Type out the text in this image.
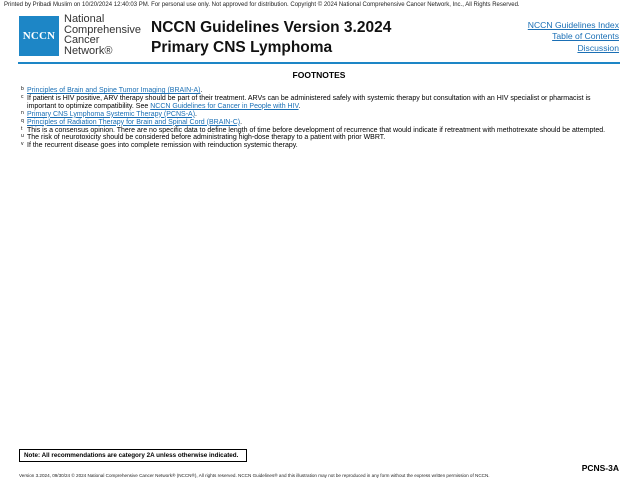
Printed by Pribadi Muslim on 10/20/2024 12:40:03 PM. For personal use only. Not approved for distribution. Copyright © 2024 National Comprehensive Cancer Network, Inc., All Rights Reserved.
NCCN
National
Comprehensive
Cancer
Network®
NCCN Guidelines Version 3.2024
Primary CNS Lymphoma
NCCN Guidelines Index
Table of Contents
Discussion
FOOTNOTES

b Principles of Brain and Spine Tumor Imaging (BRAIN-A).

c If patient is HIV positive, ARV therapy should be part of their treatment. ARVs can be administered safely with systemic therapy but consultation with an HIV specialist or pharmacist is important to optimize compatibility. See NCCN Guidelines for Cancer in People with HIV.

n Primary CNS Lymphoma Systemic Therapy (PCNS-A).

q Principles of Radiation Therapy for Brain and Spinal Cord (BRAIN-C).

t This is a consensus opinion. There are no specific data to define length of time before development of recurrence that would indicate if retreatment with methotrexate should be attempted.

u The risk of neurotoxicity should be considered before administrating high-dose therapy to a patient with prior WBRT.

v If the recurrent disease goes into complete remission with reinduction systemic therapy.

Note: All recommendations are category 2A unless otherwise indicated.
PCNS-3A
Version 3.2024, 09/30/24 © 2024 National Comprehensive Cancer Network® (NCCN®), All rights reserved. NCCN Guidelines® and this illustration may not be reproduced in any form without the express written permission of NCCN.
